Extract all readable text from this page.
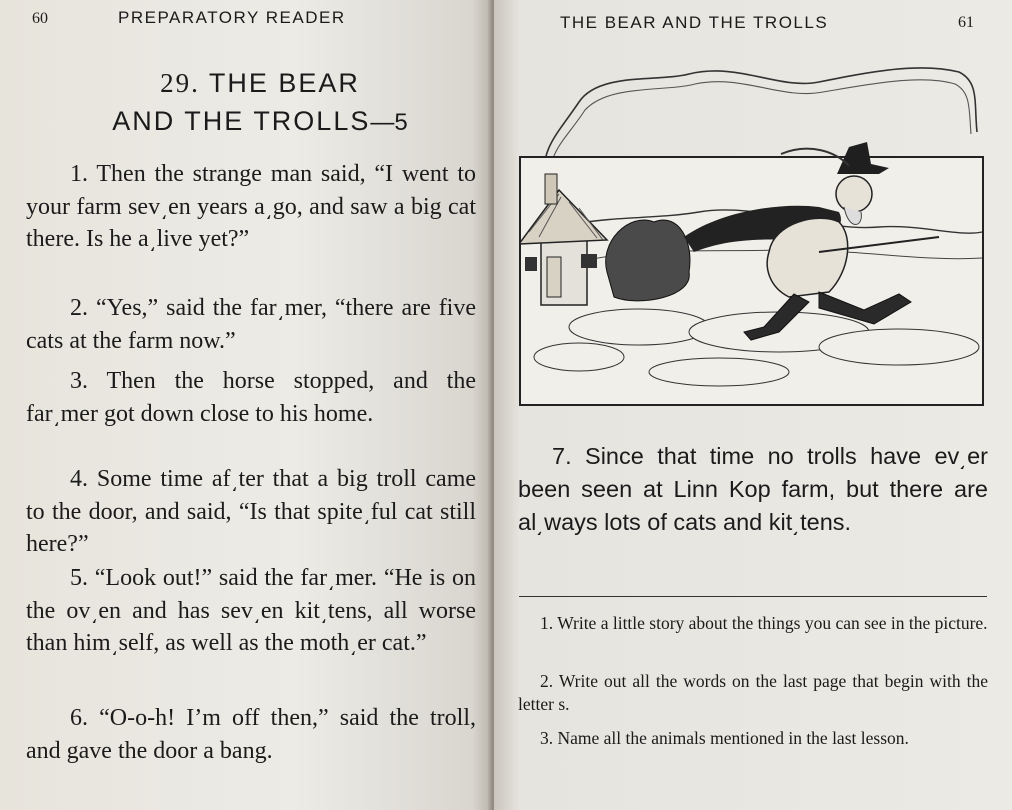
60	PREPARATORY READER
29. THE BEAR
AND THE TROLLS—5
1. Then the strange man said, “I went to your farm sev͵en years a͵go, and saw a big cat there. Is he a͵live yet?”
2. “Yes,” said the far͵mer, “there are five cats at the farm now.”
3. Then the horse stopped, and the far͵mer got down close to his home.
4. Some time af͵ter that a big troll came to the door, and said, “Is that spite͵ful cat still here?”
5. “Look out!” said the far͵mer. “He is on the ov͵en and has sev͵en kit͵tens, all worse than him͵self, as well as the moth͵er cat.”
6. “O-o-h! I’m off then,” said the troll, and gave the door a bang.
THE BEAR AND THE TROLLS	61
7. Since that time no trolls have ev͵er been seen at Linn Kop farm, but there are al͵ways lots of cats and kit͵tens.
1. Write a little story about the things you can see in the picture.
2. Write out all the words on the last page that begin with the letter s.
3. Name all the animals mentioned in the last lesson.
